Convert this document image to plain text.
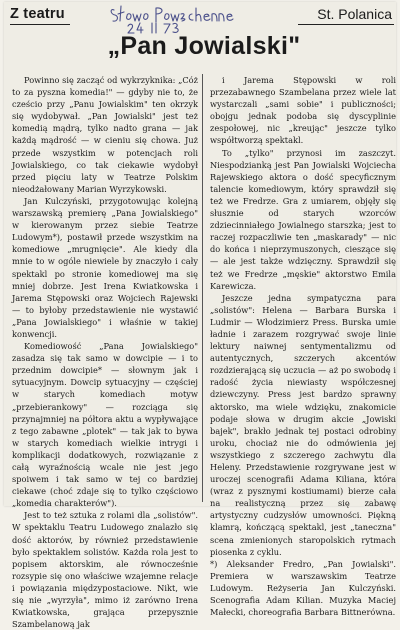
Z teatru	St. Polanica
„Pan Jowialski"

Powinno się zacząć od wykrzyknika: „Cóż to za pyszna komedia!" — gdyby nie to, że cześcio przy „Panu Jowialskim" ten okrzyk się wydobywał. „Pan Jowialski" jest też komedią mądrą, tylko nadto grana — jak każdą mądrość — w cieniu się chowa. Już przede wszystkim w potencjach roli Jowialskiego, co tak ciekawie wydobył przed pięciu laty w Teatrze Polskim nieodżałowany Marian Wyrzykowski.

Jan Kulczyński, przygotowując kolejną warszawską premierę „Pana Jowialskiego" w kierowanym przez siebie Teatrze Ludowym*), postawił przede wszystkim na komediowe „mrugnięcie". Ale kiedy dla mnie to w ogóle niewiele by znaczyło i cały spektakl po stronie komediowej ma się mniej dobrze. Jest Irena Kwiatkowska i Jarema Stępowski oraz Wojciech Rajewski — to byłoby przedstawienie nie wystawić „Pana Jowialskiego" i właśnie w takiej konwencji.

Komediowość „Pana Jowialskiego" zasadza się tak samo w dowcipie — i to przednim dowcipie* — słownym jak i sytuacyjnym. Dowcip sytuacyjny — częściej w starych komediach motyw „przebierankowy" — rozciąga się przynajmniej na półtora aktu a wypływające z tego zabawne „plotek" — tak jak to bywa w starych komediach wielkie intrygi i komplikacji dodatkowych, rozwiązanie z całą wyraźnością wcale nie jest jego spoiwem i tak samo w tej co bardziej ciekawe (choć zdaje się to tylko częściowo „komedia charakterów").

Jest to też sztuka z rolami dla „solistów". W spektaklu Teatru Ludowego znalazło się dość aktorów, by również przedstawienie było spektaklem solistów. Każda rola jest to popisem aktorskim, ale równocześnie rozsypie się ono właściwe wzajemne relacje i powiązania międzypostaciowe. Nikt, wie się nie „wyrzyła", mimo iż zarówno Irena Kwiatkowska, grająca przepysznie Szambelanową jak

i Jarema Stępowski w roli przezabawnego Szambelana przez wiele lat wystarczali „sami sobie" i publiczności; obojgu jednak podoba się dyscyplinie zespołowej, nic „kreując" jeszcze tylko współtworzą spektakl.

To „tylko" przynosi im zaszczyt. Niespodzianką jest Pan Jowialski Wojciecha Rajewskiego aktora o dość specyficznym talencie komediowym, który sprawdził się też we Fredrze. Gra z umiarem, objęły się słusznie od starych wzorców zdziecinniałego Jowialnego starszka; jest to raczej rozpaczliwie ten „maskarady" — nic do końca i nieprzymuszonych, cieszące się — ale jest także wdzięczny. Sprawdził się też we Fredrze „męskie" aktorstwo Emila Karewicza.

Jeszcze jedna sympatyczna para „solistów": Helena — Barbara Burska i Ludmir — Włodzimierz Press. Burska umie ładnie i zarazem rozgrywać swoje linie lektury naiwnej sentymentalizmu od autentycznych, szczerych akcentów rozdzierającą się uczucia — aż po swobodę i radość życia niewiasty współczesnej dziewczyny. Press jest bardzo sprawny aktorsko, ma wiele wdzięku, znakomicie podaje słowa w drugim akcie „Jowiski bajek", brakło jednak tej postaci odrobiny uroku, chociaż nie do odmówienia jej wszystkiego z szczerego zachwytu dla Heleny. Przedstawienie rozgrywane jest w uroczej scenografii Adama Kiliana, która (wraz z pysznymi kostiumami) bierze cała na realistyczną przez się zabawę artystyczny cudzysłów umowności. Piękną klamrą, kończącą spektakl, jest „taneczna" scena zmienionych staropolskich rytmach piosenka z cyklu.

*) Aleksander Fredro, „Pan Jowialski". Premiera w warszawskim Teatrze Ludowym. Reżyseria Jan Kulczyński. Scenografia Adam Kilian. Muzyka Maciej Małecki, choreografia Barbara Bittnerówna.
